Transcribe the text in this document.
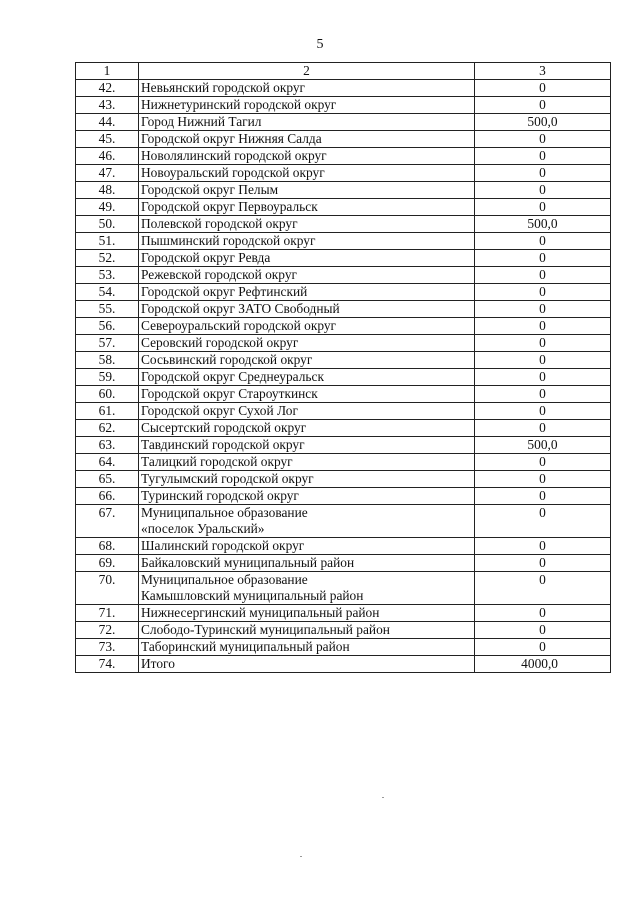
5
1	2	3
42.	Невьянский городской округ	0
43.	Нижнетуринский городской округ	0
44.	Город Нижний Тагил	500,0
45.	Городской округ Нижняя Салда	0
46.	Новолялинский городской округ	0
47.	Новоуральский городской округ	0
48.	Городской округ Пелым	0
49.	Городской округ Первоуральск	0
50.	Полевской городской округ	500,0
51.	Пышминский городской округ	0
52.	Городской округ Ревда	0
53.	Режевской городской округ	0
54.	Городской округ Рефтинский	0
55.	Городской округ ЗАТО Свободный	0
56.	Североуральский городской округ	0
57.	Серовский городской округ	0
58.	Сосьвинский городской округ	0
59.	Городской округ Среднеуральск	0
60.	Городской округ Староуткинск	0
61.	Городской округ Сухой Лог	0
62.	Сысертский городской округ	0
63.	Тавдинский городской округ	500,0
64.	Талицкий городской округ	0
65.	Тугулымский городской округ	0
66.	Туринский городской округ	0
67.	Муниципальное образование
«поселок Уральский»	0
68.	Шалинский городской округ	0
69.	Байкаловский муниципальный район	0
70.	Муниципальное образование
Камышловский муниципальный район	0
71.	Нижнесергинский муниципальный район	0
72.	Слободо-Туринский муниципальный район	0
73.	Таборинский муниципальный район	0
74.	Итого	4000,0
